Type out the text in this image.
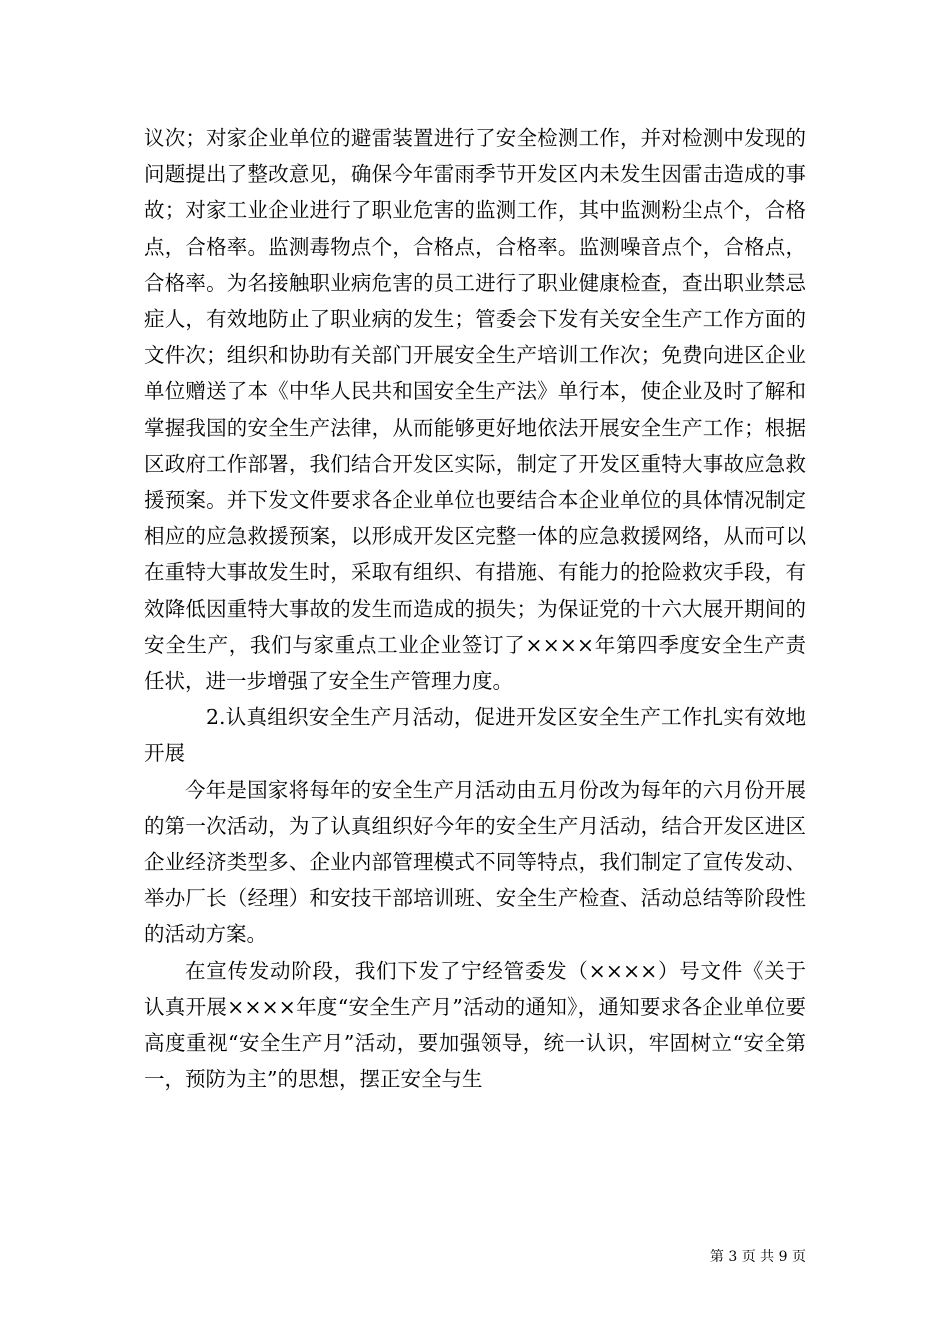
议次；对家企业单位的避雷装置进行了安全检测工作，并对检测中发现的问题提出了整改意见，确保今年雷雨季节开发区内未发生因雷击造成的事故；对家工业企业进行了职业危害的监测工作，其中监测粉尘点个，合格点，合格率。监测毒物点个，合格点，合格率。监测噪音点个，合格点，合格率。为名接触职业病危害的员工进行了职业健康检查，查出职业禁忌症人，有效地防止了职业病的发生；管委会下发有关安全生产工作方面的文件次；组织和协助有关部门开展安全生产培训工作次；免费向进区企业单位赠送了本《中华人民共和国安全生产法》单行本，使企业及时了解和掌握我国的安全生产法律，从而能够更好地依法开展安全生产工作；根据区政府工作部署，我们结合开发区实际，制定了开发区重特大事故应急救援预案。并下发文件要求各企业单位也要结合本企业单位的具体情况制定相应的应急救援预案，以形成开发区完整一体的应急救援网络，从而可以在重特大事故发生时，采取有组织、有措施、有能力的抢险救灾手段，有效降低因重特大事故的发生而造成的损失；为保证党的十六大展开期间的安全生产，我们与家重点工业企业签订了××××年第四季度安全生产责任状，进一步增强了安全生产管理力度。

2.认真组织安全生产月活动，促进开发区安全生产工作扎实有效地开展

今年是国家将每年的安全生产月活动由五月份改为每年的六月份开展的第一次活动，为了认真组织好今年的安全生产月活动，结合开发区进区企业经济类型多、企业内部管理模式不同等特点，我们制定了宣传发动、举办厂长（经理）和安技干部培训班、安全生产检查、活动总结等阶段性的活动方案。

在宣传发动阶段，我们下发了宁经管委发（××××）号文件《关于认真开展××××年度“安全生产月”活动的通知》，通知要求各企业单位要高度重视“安全生产月”活动，要加强领导，统一认识，牢固树立“安全第一，预防为主”的思想，摆正安全与生

第 3 页 共 9 页
